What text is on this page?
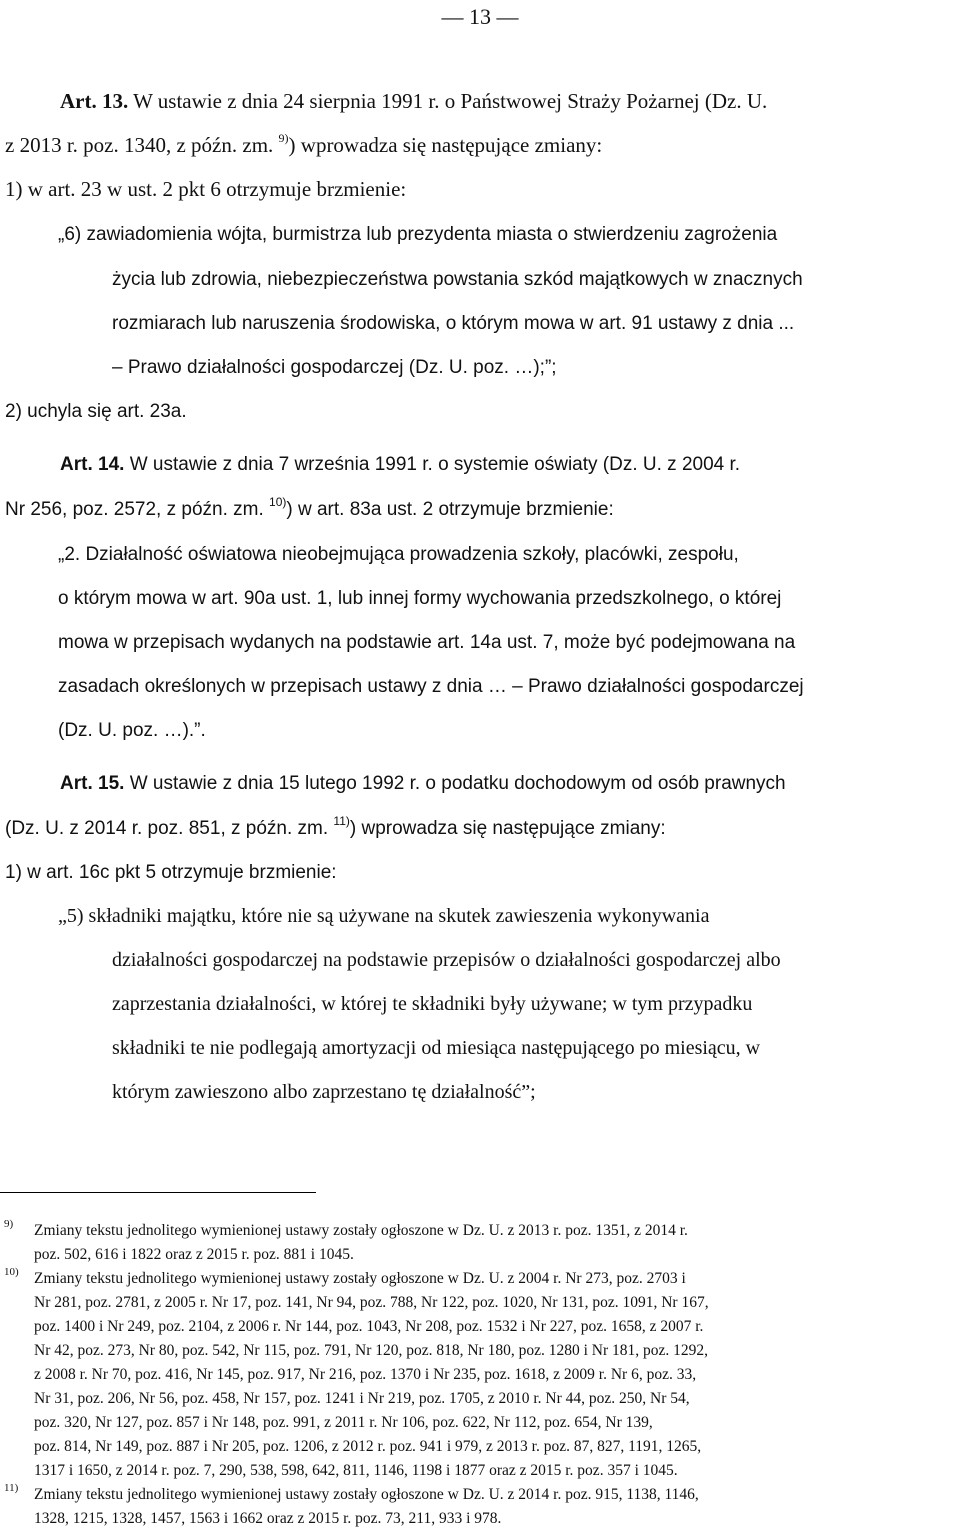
— 13 —
Art. 13. W ustawie z dnia 24 sierpnia 1991 r. o Państwowej Straży Pożarnej (Dz. U.
z 2013 r. poz. 1340, z późn. zm. $^{9)}$) wprowadza się następujące zmiany:
1) w art. 23 w ust. 2 pkt 6 otrzymuje brzmienie:
„6) zawiadomienia wójta, burmistrza lub prezydenta miasta o stwierdzeniu zagrożenia
życia lub zdrowia, niebezpieczeństwa powstania szkód majątkowych w znacznych
rozmiarach lub naruszenia środowiska, o którym mowa w art. 91 ustawy z dnia ...
– Prawo działalności gospodarczej (Dz. U. poz. …);”;
2) uchyla się art. 23a.
Art. 14. W ustawie z dnia 7 września 1991 r. o systemie oświaty (Dz. U. z 2004 r.
Nr 256, poz. 2572, z późn. zm. $^{10)}$) w art. 83a ust. 2 otrzymuje brzmienie:
„2. Działalność oświatowa nieobejmująca prowadzenia szkoły, placówki, zespołu,
o którym mowa w art. 90a ust. 1, lub innej formy wychowania przedszkolnego, o której
mowa w przepisach wydanych na podstawie art. 14a ust. 7, może być podejmowana na
zasadach określonych w przepisach ustawy z dnia … – Prawo działalności gospodarczej
(Dz. U. poz. …).”.
Art. 15. W ustawie z dnia 15 lutego 1992 r. o podatku dochodowym od osób prawnych
(Dz. U. z 2014 r. poz. 851, z późn. zm. $^{11)}$) wprowadza się następujące zmiany:
1) w art. 16c pkt 5 otrzymuje brzmienie:
„5) składniki majątku, które nie są używane na skutek zawieszenia wykonywania
działalności gospodarczej na podstawie przepisów o działalności gospodarczej albo
zaprzestania działalności, w której te składniki były używane; w tym przypadku
składniki te nie podlegają amortyzacji od miesiąca następującego po miesiącu, w
którym zawieszono albo zaprzestano tę działalność”;
9) Zmiany tekstu jednolitego wymienionej ustawy zostały ogłoszone w Dz. U. z 2013 r. poz. 1351, z 2014 r.
poz. 502, 616 i 1822 oraz z 2015 r. poz. 881 i 1045.
10) Zmiany tekstu jednolitego wymienionej ustawy zostały ogłoszone w Dz. U. z 2004 r. Nr 273, poz. 2703 i
Nr 281, poz. 2781, z 2005 r. Nr 17, poz. 141, Nr 94, poz. 788, Nr 122, poz. 1020, Nr 131, poz. 1091, Nr 167,
poz. 1400 i Nr 249, poz. 2104, z 2006 r. Nr 144, poz. 1043, Nr 208, poz. 1532 i Nr 227, poz. 1658, z 2007 r.
Nr 42, poz. 273, Nr 80, poz. 542, Nr 115, poz. 791, Nr 120, poz. 818, Nr 180, poz. 1280 i Nr 181, poz. 1292,
z 2008 r. Nr 70, poz. 416, Nr 145, poz. 917, Nr 216, poz. 1370 i Nr 235, poz. 1618, z 2009 r. Nr 6, poz. 33,
Nr 31, poz. 206, Nr 56, poz. 458, Nr 157, poz. 1241 i Nr 219, poz. 1705, z 2010 r. Nr 44, poz. 250, Nr 54,
poz. 320, Nr 127, poz. 857 i Nr 148, poz. 991, z 2011 r. Nr 106, poz. 622, Nr 112, poz. 654, Nr 139,
poz. 814, Nr 149, poz. 887 i Nr 205, poz. 1206, z 2012 r. poz. 941 i 979, z 2013 r. poz. 87, 827, 1191, 1265,
1317 i 1650, z 2014 r. poz. 7, 290, 538, 598, 642, 811, 1146, 1198 i 1877 oraz z 2015 r. poz. 357 i 1045.
11) Zmiany tekstu jednolitego wymienionej ustawy zostały ogłoszone w Dz. U. z 2014 r. poz. 915, 1138, 1146,
1328, 1215, 1328, 1457, 1563 i 1662 oraz z 2015 r. poz. 73, 211, 933 i 978.
